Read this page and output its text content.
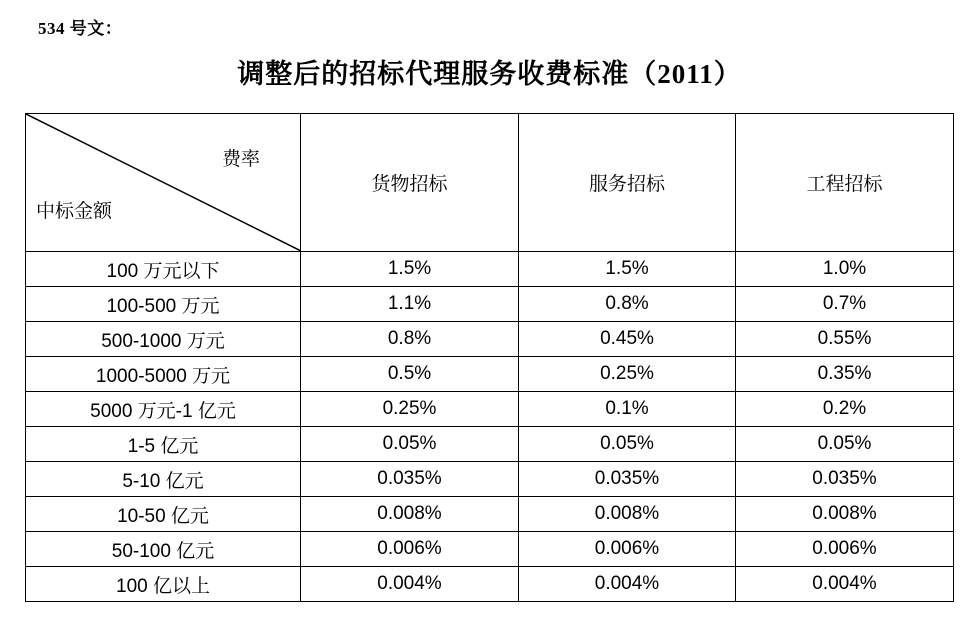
534 号文：
调整后的招标代理服务收费标准（2011）
费率
中标金额	货物招标	服务招标	工程招标
100 万元以下	1.5%	1.5%	1.0%
100-500 万元	1.1%	0.8%	0.7%
500-1000 万元	0.8%	0.45%	0.55%
1000-5000 万元	0.5%	0.25%	0.35%
5000 万元-1 亿元	0.25%	0.1%	0.2%
1-5 亿元	0.05%	0.05%	0.05%
5-10 亿元	0.035%	0.035%	0.035%
10-50 亿元	0.008%	0.008%	0.008%
50-100 亿元	0.006%	0.006%	0.006%
100 亿以上	0.004%	0.004%	0.004%
